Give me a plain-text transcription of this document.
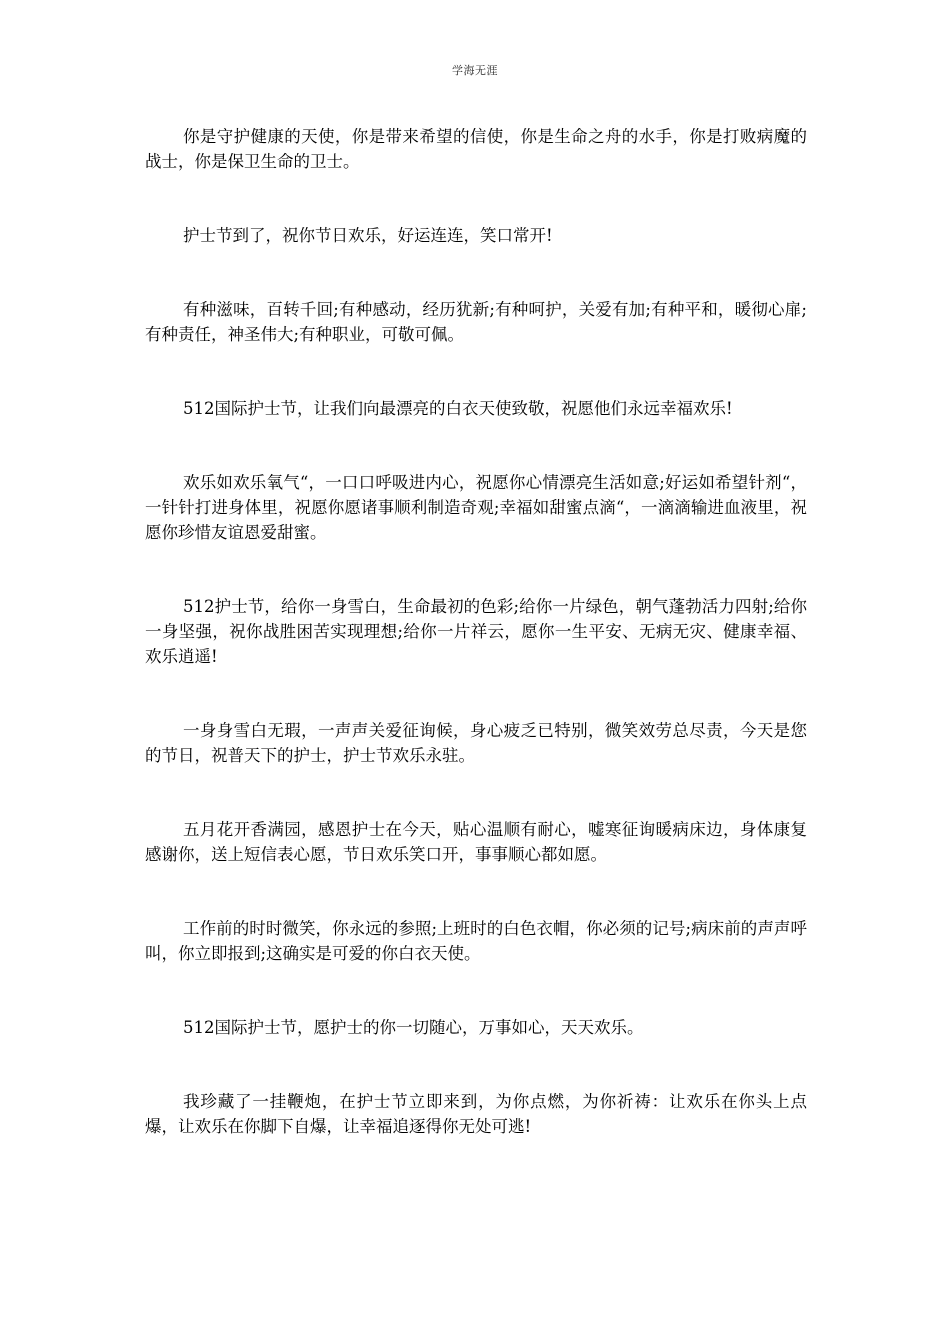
学海无涯

你是守护健康的天使，你是带来希望的信使，你是生命之舟的水手，你是打败病魔的战士，你是保卫生命的卫士。

护士节到了，祝你节日欢乐，好运连连，笑口常开!

有种滋味，百转千回;有种感动，经历犹新;有种呵护，关爱有加;有种平和，暖彻心扉;有种责任，神圣伟大;有种职业，可敬可佩。

512国际护士节，让我们向最漂亮的白衣天使致敬，祝愿他们永远幸福欢乐!

欢乐如欢乐氧气“，一口口呼吸进内心，祝愿你心情漂亮生活如意;好运如希望针剂“，一针针打进身体里，祝愿你愿诸事顺利制造奇观;幸福如甜蜜点滴“，一滴滴输进血液里，祝愿你珍惜友谊恩爱甜蜜。

512护士节，给你一身雪白，生命最初的色彩;给你一片绿色，朝气蓬勃活力四射;给你一身坚强，祝你战胜困苦实现理想;给你一片祥云，愿你一生平安、无病无灾、健康幸福、欢乐逍遥!

一身身雪白无瑕，一声声关爱征询候，身心疲乏已特别，微笑效劳总尽责，今天是您的节日，祝普天下的护士，护士节欢乐永驻。

五月花开香满园，感恩护士在今天，贴心温顺有耐心，嘘寒征询暖病床边，身体康复感谢你，送上短信表心愿，节日欢乐笑口开，事事顺心都如愿。

工作前的时时微笑，你永远的参照;上班时的白色衣帽，你必须的记号;病床前的声声呼叫，你立即报到;这确实是可爱的你白衣天使。

512国际护士节，愿护士的你一切随心，万事如心，天天欢乐。

我珍藏了一挂鞭炮，在护士节立即来到，为你点燃，为你祈祷：让欢乐在你头上点爆，让欢乐在你脚下自爆，让幸福追逐得你无处可逃!
